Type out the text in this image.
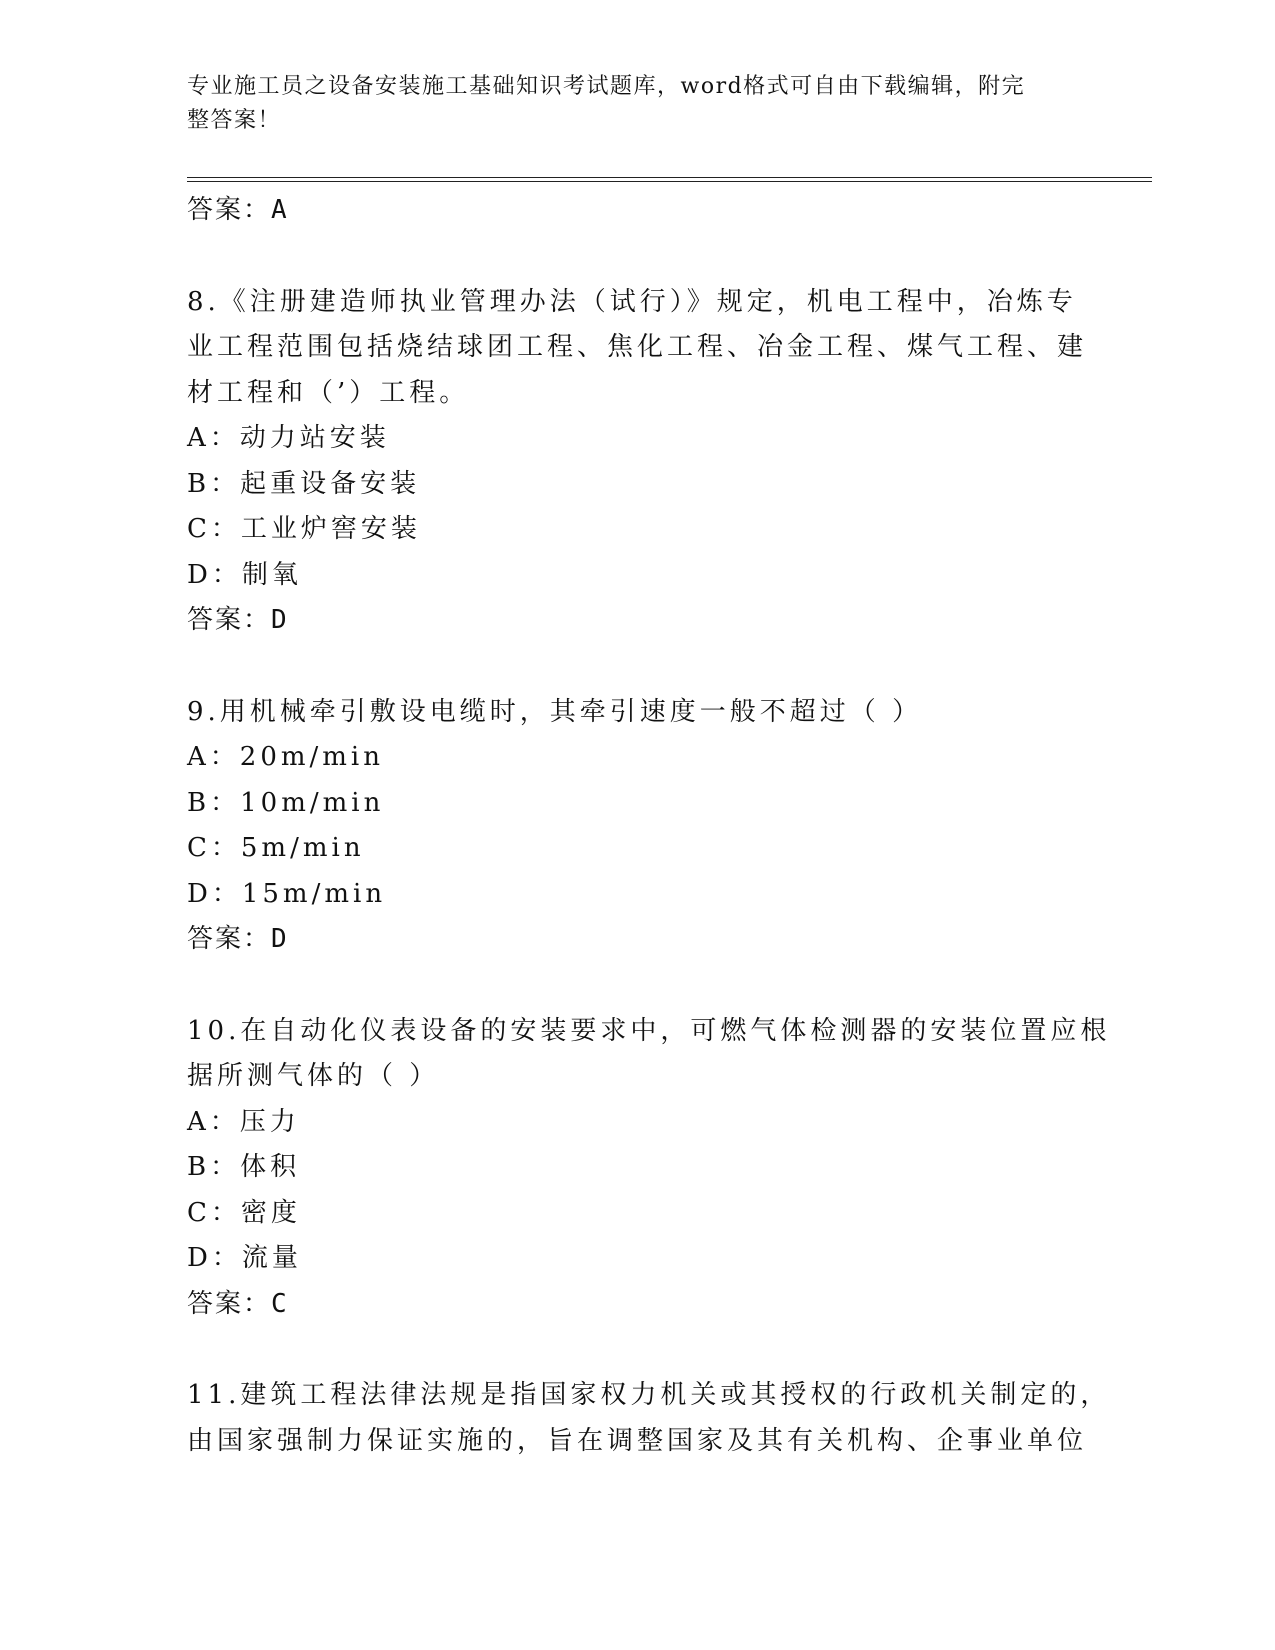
专业施工员之设备安装施工基础知识考试题库，word格式可自由下载编辑，附完
整答案！
答案：A
8.《注册建造师执业管理办法（试行）》规定，机电工程中，冶炼专
业工程范围包括烧结球团工程、焦化工程、冶金工程、煤气工程、建
材工程和（’）工程。
A：动力站安装
B：起重设备安装
C：工业炉窖安装
D：制氧
答案：D
9.用机械牵引敷设电缆时，其牵引速度一般不超过（ ）
A：20m/min
B：10m/min
C：5m/min
D：15m/min
答案：D
10.在自动化仪表设备的安装要求中，可燃气体检测器的安装位置应根
据所测气体的（ ）
A：压力
B：体积
C：密度
D：流量
答案：C
11.建筑工程法律法规是指国家权力机关或其授权的行政机关制定的，
由国家强制力保证实施的，旨在调整国家及其有关机构、企事业单位
